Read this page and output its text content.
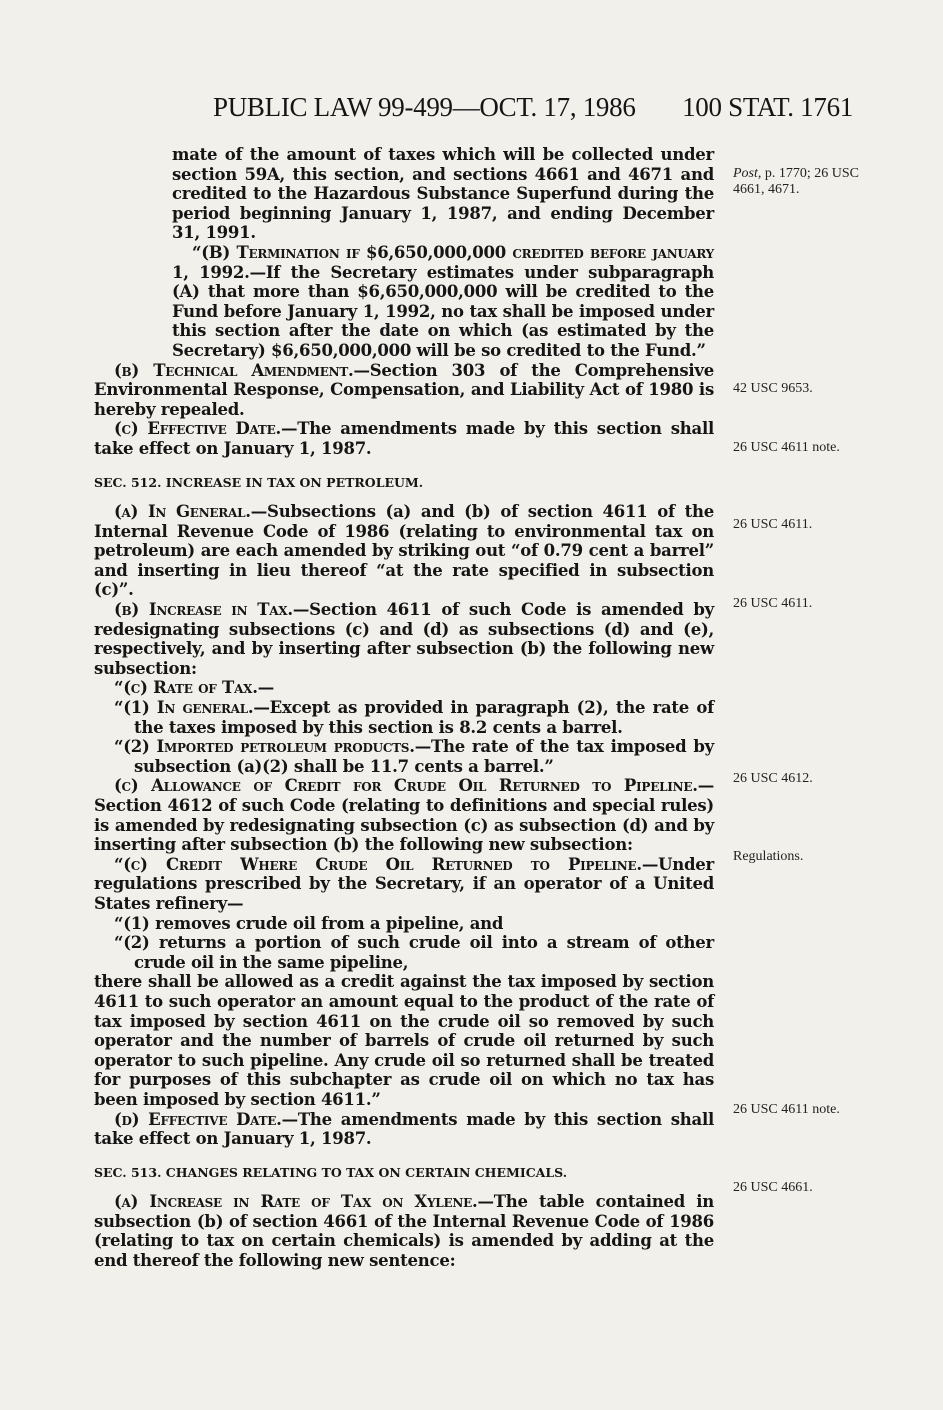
PUBLIC LAW 99-499—OCT. 17, 1986 100 STAT. 1761

mate of the amount of taxes which will be collected under section 59A, this section, and sections 4661 and 4671 and credited to the Hazardous Substance Superfund during the period beginning January 1, 1987, and ending December 31, 1991.

“(B) Termination if $6,650,000,000 credited before january 1, 1992.—If the Secretary estimates under subparagraph (A) that more than $6,650,000,000 will be credited to the Fund before January 1, 1992, no tax shall be imposed under this section after the date on which (as estimated by the Secretary) $6,650,000,000 will be so credited to the Fund.”

(b) Technical Amendment.—Section 303 of the Comprehensive Environmental Response, Compensation, and Liability Act of 1980 is hereby repealed.

(c) Effective Date.—The amendments made by this section shall take effect on January 1, 1987.

SEC. 512. INCREASE IN TAX ON PETROLEUM.

(a) In General.—Subsections (a) and (b) of section 4611 of the Internal Revenue Code of 1986 (relating to environmental tax on petroleum) are each amended by striking out “of 0.79 cent a barrel” and inserting in lieu thereof “at the rate specified in subsection (c)”.

(b) Increase in Tax.—Section 4611 of such Code is amended by redesignating subsections (c) and (d) as subsections (d) and (e), respectively, and by inserting after subsection (b) the following new subsection:

“(c) Rate of Tax.—

“(1) In general.—Except as provided in paragraph (2), the rate of the taxes imposed by this section is 8.2 cents a barrel.

“(2) Imported petroleum products.—The rate of the tax imposed by subsection (a)(2) shall be 11.7 cents a barrel.”

(c) Allowance of Credit for Crude Oil Returned to Pipeline.— Section 4612 of such Code (relating to definitions and special rules) is amended by redesignating subsection (c) as subsection (d) and by inserting after subsection (b) the following new subsection:

“(c) Credit Where Crude Oil Returned to Pipeline.—Under regulations prescribed by the Secretary, if an operator of a United States refinery—

“(1) removes crude oil from a pipeline, and

“(2) returns a portion of such crude oil into a stream of other crude oil in the same pipeline,

there shall be allowed as a credit against the tax imposed by section 4611 to such operator an amount equal to the product of the rate of tax imposed by section 4611 on the crude oil so removed by such operator and the number of barrels of crude oil returned by such operator to such pipeline. Any crude oil so returned shall be treated for purposes of this subchapter as crude oil on which no tax has been imposed by section 4611.”

(d) Effective Date.—The amendments made by this section shall take effect on January 1, 1987.

SEC. 513. CHANGES RELATING TO TAX ON CERTAIN CHEMICALS.

(a) Increase in Rate of Tax on Xylene.—The table contained in subsection (b) of section 4661 of the Internal Revenue Code of 1986 (relating to tax on certain chemicals) is amended by adding at the end thereof the following new sentence:

Post, p. 1770; 26 USC 4661, 4671.
42 USC 9653.
26 USC 4611 note.
26 USC 4611.
26 USC 4611.
26 USC 4612.
Regulations.
26 USC 4611 note.
26 USC 4661.
